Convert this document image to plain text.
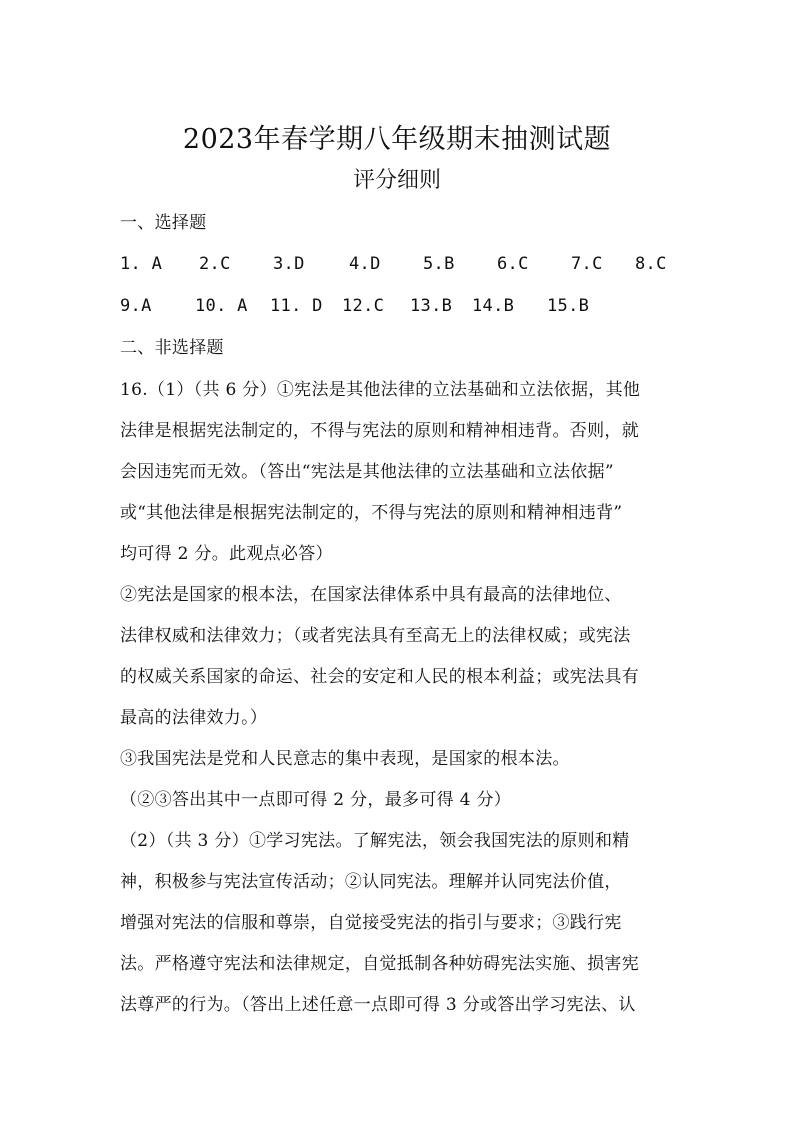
2023年春学期八年级期末抽测试题
评分细则
一、选择题
1. A	2.C	3.D	4.D	5.B	6.C	7.C	8.C
9.A	10. A	11. D	12.C	13.B	14.B	15.B
二、非选择题

16.（1）（共 6 分）①宪法是其他法律的立法基础和立法依据，其他

法律是根据宪法制定的，不得与宪法的原则和精神相违背。否则，就

会因违宪而无效。（答出“宪法是其他法律的立法基础和立法依据”

或“其他法律是根据宪法制定的，不得与宪法的原则和精神相违背”

均可得 2 分。此观点必答）

②宪法是国家的根本法，在国家法律体系中具有最高的法律地位、

法律权威和法律效力；（或者宪法具有至高无上的法律权威；或宪法

的权威关系国家的命运、社会的安定和人民的根本利益；或宪法具有

最高的法律效力。）

③我国宪法是党和人民意志的集中表现，是国家的根本法。

（②③答出其中一点即可得 2 分，最多可得 4 分）

（2）（共 3 分）①学习宪法。了解宪法，领会我国宪法的原则和精

神，积极参与宪法宣传活动；②认同宪法。理解并认同宪法价值，

增强对宪法的信服和尊崇，自觉接受宪法的指引与要求；③践行宪

法。严格遵守宪法和法律规定，自觉抵制各种妨碍宪法实施、损害宪

法尊严的行为。（答出上述任意一点即可得 3 分或答出学习宪法、认
